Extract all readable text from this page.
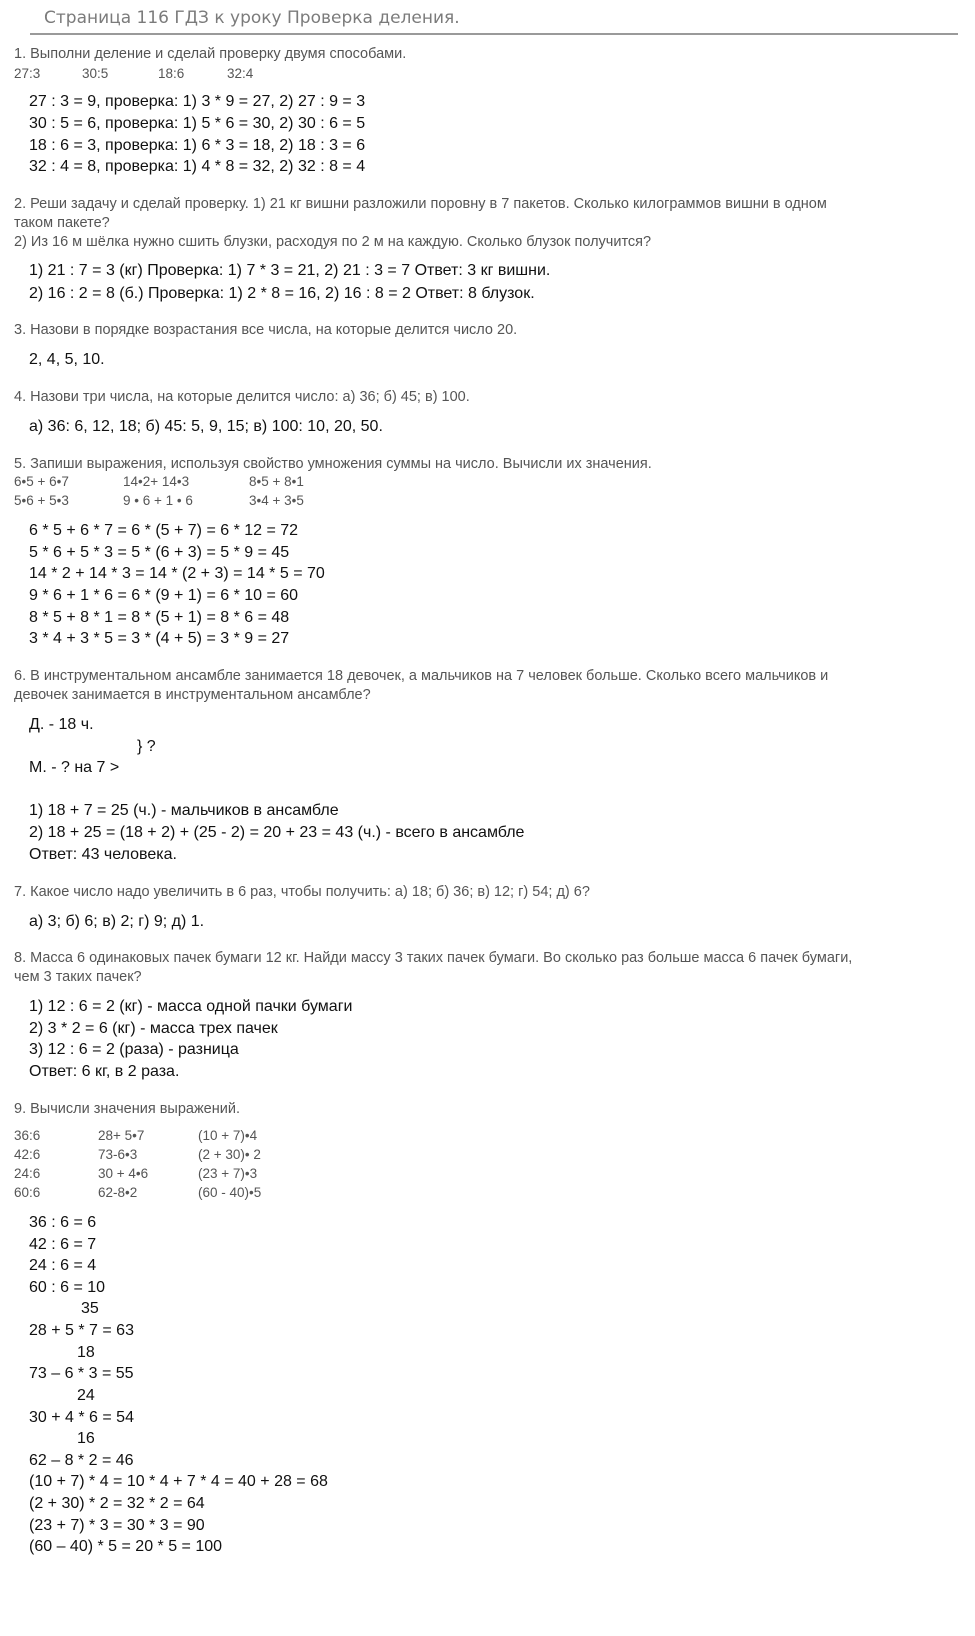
Страница 116 ГДЗ к уроку Проверка деления.
1. Выполни деление и сделай проверку двумя способами.
27:3	30:5	18:6	32:4
27 : 3 = 9, проверка: 1) 3 * 9 = 27, 2) 27 : 9 = 3
30 : 5 = 6, проверка: 1) 5 * 6 = 30, 2) 30 : 6 = 5
18 : 6 = 3, проверка: 1) 6 * 3 = 18, 2) 18 : 3 = 6
32 : 4 = 8, проверка: 1) 4 * 8 = 32, 2) 32 : 8 = 4
2. Реши задачу и сделай проверку. 1) 21 кг вишни разложили поровну в 7 пакетов. Сколько килограммов вишни в одном
таком пакете?
2) Из 16 м шёлка нужно сшить блузки, расходуя по 2 м на каждую. Сколько блузок получится?
1) 21 : 7 = 3 (кг) Проверка: 1) 7 * 3 = 21, 2) 21 : 3 = 7 Ответ: 3 кг вишни.
2) 16 : 2 = 8 (б.) Проверка: 1) 2 * 8 = 16, 2) 16 : 8 = 2 Ответ: 8 блузок.
3. Назови в порядке возрастания все числа, на которые делится число 20.
2, 4, 5, 10.
4. Назови три числа, на которые делится число: а) 36; б) 45; в) 100.
а) 36: 6, 12, 18; б) 45: 5, 9, 15; в) 100: 10, 20, 50.
5. Запиши выражения, используя свойство умножения суммы на число. Вычисли их значения.
6•5 + 6•7	14•2+ 14•3	8•5 + 8•1
5•6 + 5•3	9 • 6 + 1 • 6	3•4 + 3•5
6 * 5 + 6 * 7 = 6 * (5 + 7) = 6 * 12 = 72
5 * 6 + 5 * 3 = 5 * (6 + 3) = 5 * 9 = 45
14 * 2 + 14 * 3 = 14 * (2 + 3) = 14 * 5 = 70
9 * 6 + 1 * 6 = 6 * (9 + 1) = 6 * 10 = 60
8 * 5 + 8 * 1 = 8 * (5 + 1) = 8 * 6 = 48
3 * 4 + 3 * 5 = 3 * (4 + 5) = 3 * 9 = 27
6. В инструментальном ансамбле занимается 18 девочек, а мальчиков на 7 человек больше. Сколько всего мальчиков и
девочек занимается в инструментальном ансамбле?
Д. - 18 ч.
} ?
М. - ? на 7 >
1) 18 + 7 = 25 (ч.) - мальчиков в ансамбле
2) 18 + 25 = (18 + 2) + (25 - 2) = 20 + 23 = 43 (ч.) - всего в ансамбле
Ответ: 43 человека.
7. Какое число надо увеличить в 6 раз, чтобы получить: а) 18; б) 36; в) 12; г) 54; д) 6?
а) 3; б) 6; в) 2; г) 9; д) 1.
8. Масса 6 одинаковых пачек бумаги 12 кг. Найди массу 3 таких пачек бумаги. Во сколько раз больше масса 6 пачек бумаги,
чем 3 таких пачек?
1) 12 : 6 = 2 (кг) - масса одной пачки бумаги
2) 3 * 2 = 6 (кг) - масса трех пачек
3) 12 : 6 = 2 (раза) - разница
Ответ: 6 кг, в 2 раза.
9. Вычисли значения выражений.
36:6	28+ 5•7	(10 + 7)•4
42:6	73-6•3	(2 + 30)• 2
24:6	30 + 4•6	(23 + 7)•3
60:6	62-8•2	(60 - 40)•5
36 : 6 = 6
42 : 6 = 7
24 : 6 = 4
60 : 6 = 10
35
28 + 5 * 7 = 63
18
73 – 6 * 3 = 55
24
30 + 4 * 6 = 54
16
62 – 8 * 2 = 46
(10 + 7) * 4 = 10 * 4 + 7 * 4 = 40 + 28 = 68
(2 + 30) * 2 = 32 * 2 = 64
(23 + 7) * 3 = 30 * 3 = 90
(60 – 40) * 5 = 20 * 5 = 100
